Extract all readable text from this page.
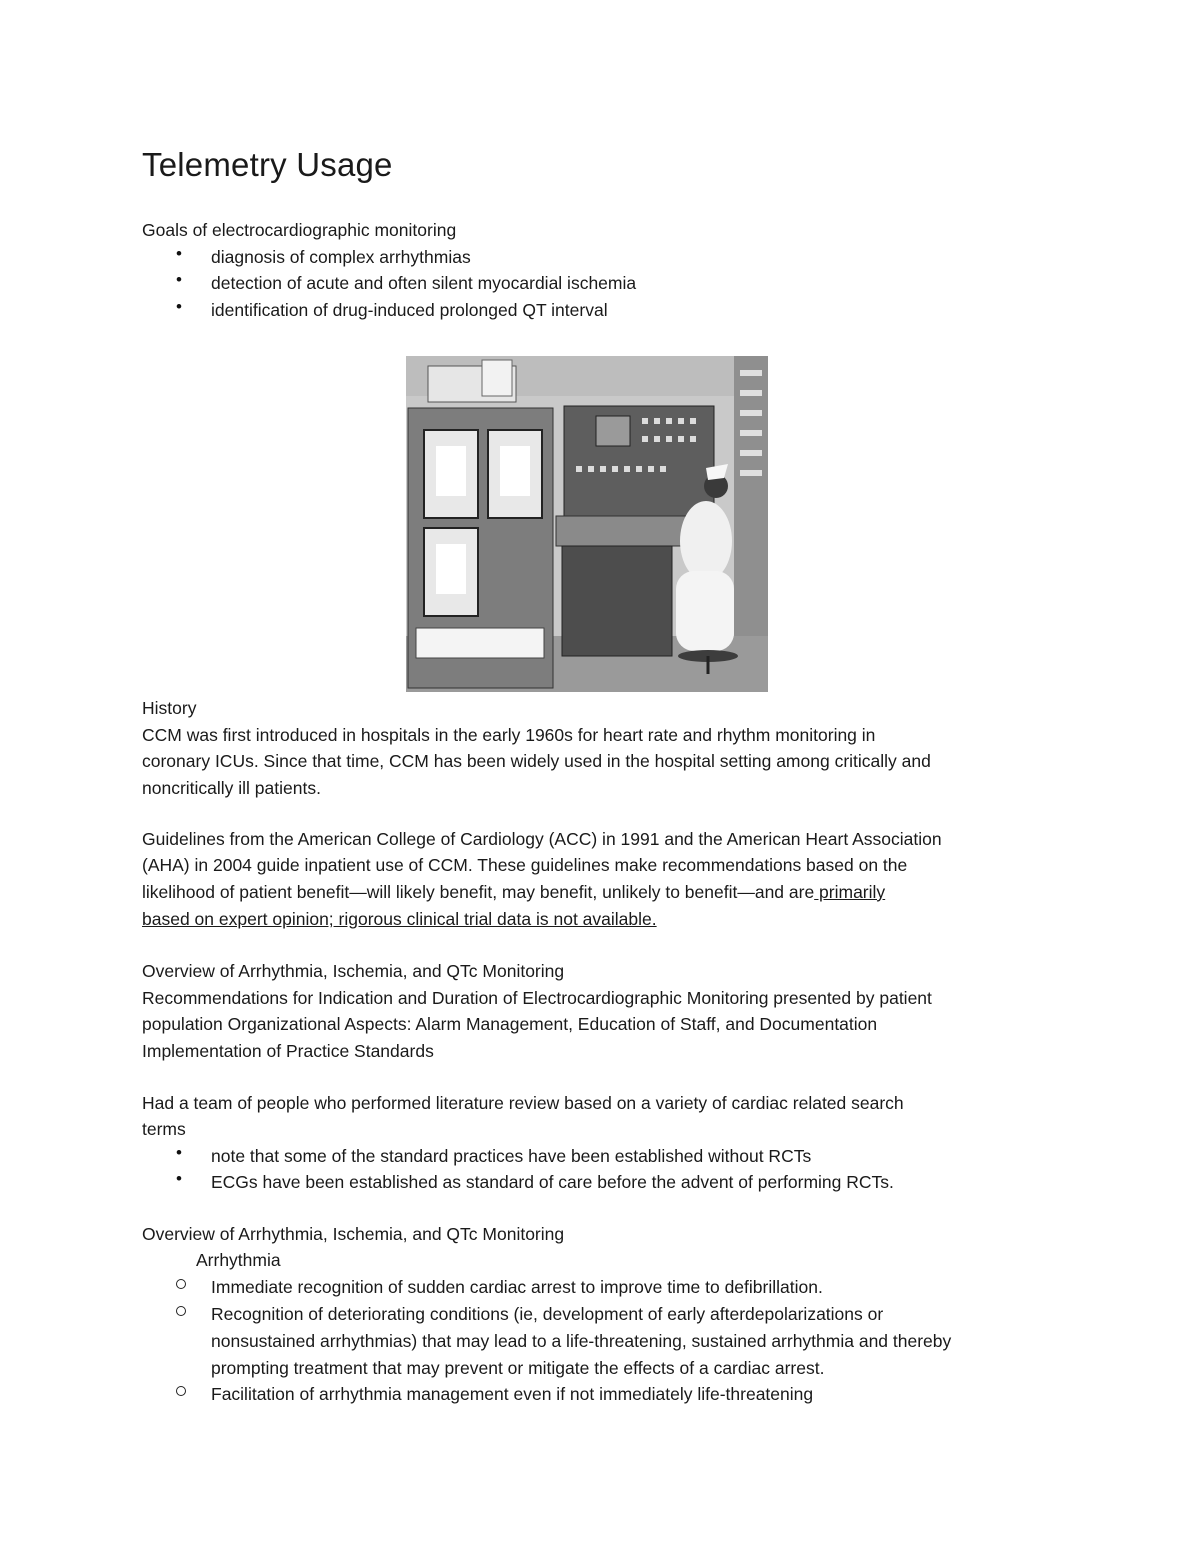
Telemetry Usage
Goals of electrocardiographic monitoring
• diagnosis of complex arrhythmias
• detection of acute and often silent myocardial ischemia
• identification of drug-induced prolonged QT interval
History
CCM was first introduced in hospitals in the early 1960s for heart rate and rhythm monitoring in
coronary ICUs. Since that time, CCM has been widely used in the hospital setting among critically and
noncritically ill patients.
Guidelines from the American College of Cardiology (ACC) in 1991 and the American Heart Association
(AHA) in 2004 guide inpatient use of CCM. These guidelines make recommendations based on the
likelihood of patient benefit—will likely benefit, may benefit, unlikely to benefit—and are primarily
based on expert opinion; rigorous clinical trial data is not available.
Overview of Arrhythmia, Ischemia, and QTc Monitoring
Recommendations for Indication and Duration of Electrocardiographic Monitoring presented by patient
population Organizational Aspects: Alarm Management, Education of Staff, and Documentation
Implementation of Practice Standards
Had a team of people who performed literature review based on a variety of cardiac related search
terms
• note that some of the standard practices have been established without RCTs
• ECGs have been established as standard of care before the advent of performing RCTs.
Overview of Arrhythmia, Ischemia, and QTc Monitoring
Arrhythmia
Immediate recognition of sudden cardiac arrest to improve time to defibrillation.
Recognition of deteriorating conditions (ie, development of early afterdepolarizations or
nonsustained arrhythmias) that may lead to a life-threatening, sustained arrhythmia and thereby
prompting treatment that may prevent or mitigate the effects of a cardiac arrest.
Facilitation of arrhythmia management even if not immediately life-threatening
